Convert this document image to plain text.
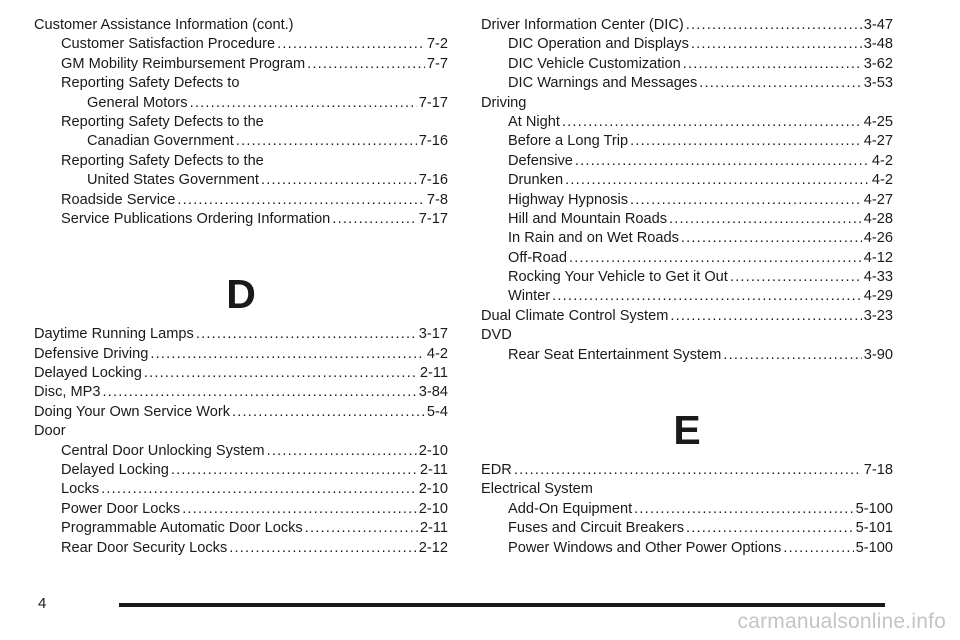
Customer Assistance Information (cont.)
Customer Satisfaction Procedure .....	7-2
GM Mobility Reimbursement Program .....	7-7
Reporting Safety Defects to
General Motors .....	7-17
Reporting Safety Defects to the
Canadian Government .....	7-16
Reporting Safety Defects to the
United States Government .....	7-16
Roadside Service .....	7-8
Service Publications Ordering Information .....	7-17
D
Daytime Running Lamps .....	3-17
Defensive Driving .....	4-2
Delayed Locking .....	2-11
Disc, MP3 .....	3-84
Doing Your Own Service Work .....	5-4
Door
Central Door Unlocking System .....	2-10
Delayed Locking .....	2-11
Locks .....	2-10
Power Door Locks .....	2-10
Programmable Automatic Door Locks .....	2-11
Rear Door Security Locks .....	2-12
Driver Information Center (DIC) .....	3-47
DIC Operation and Displays .....	3-48
DIC Vehicle Customization .....	3-62
DIC Warnings and Messages .....	3-53
Driving
At Night .....	4-25
Before a Long Trip .....	4-27
Defensive .....	4-2
Drunken .....	4-2
Highway Hypnosis .....	4-27
Hill and Mountain Roads .....	4-28
In Rain and on Wet Roads .....	4-26
Off-Road .....	4-12
Rocking Your Vehicle to Get it Out .....	4-33
Winter .....	4-29
Dual Climate Control System .....	3-23
DVD
Rear Seat Entertainment System .....	3-90
E
EDR .....	7-18
Electrical System
Add-On Equipment .....	5-100
Fuses and Circuit Breakers .....	5-101
Power Windows and Other Power Options .....	5-100
4
carmanualsonline.info
